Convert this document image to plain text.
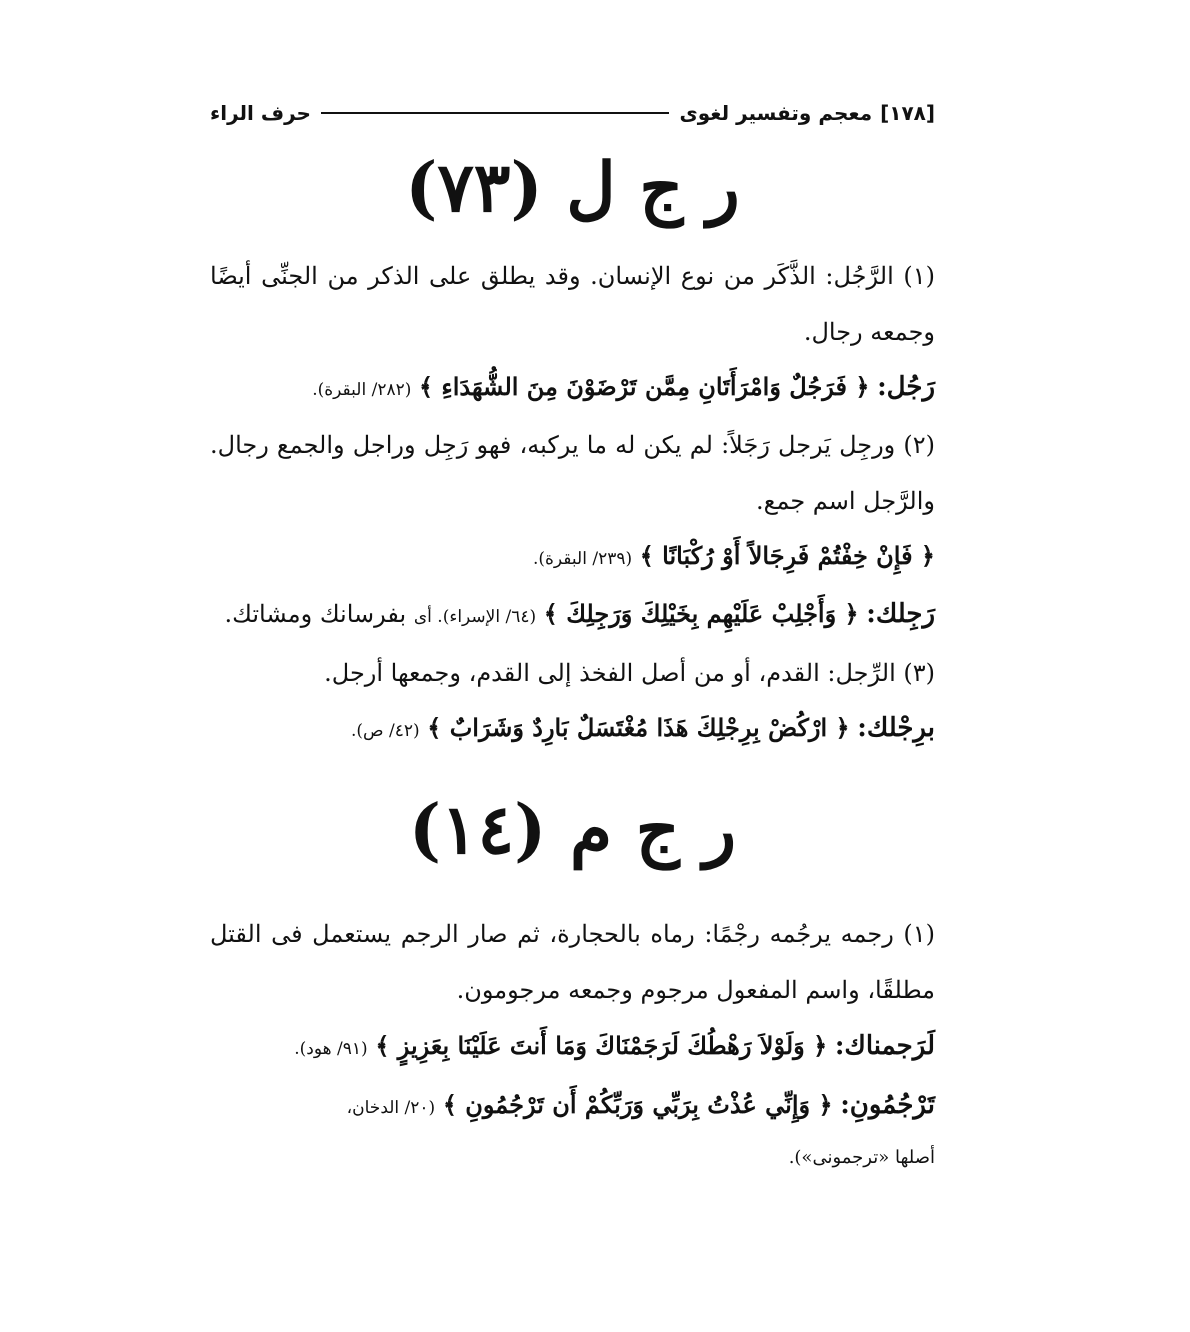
[١٧٨]
معجم وتفسير لغوى
حرف الراء
ر ج ل (٧٣)

(١) الرَّجُل: الذَّكَر من نوع الإنسان. وقد يطلق على الذكر من الجنِّى أيضًا وجمعه رجال.

رَجُل: ﴿ فَرَجُلٌ وَامْرَأَتَانِ مِمَّن تَرْضَوْنَ مِنَ الشُّهَدَاءِ ﴾ (٢٨٢/ البقرة).

(٢) ورجِل يَرجل رَجَلاً: لم يكن له ما يركبه، فهو رَجِل وراجل والجمع رجال. والرَّجل اسم جمع.

﴿ فَإِنْ خِفْتُمْ فَرِجَالاً أَوْ رُكْبَانًا ﴾ (٢٣٩/ البقرة).

رَجِلك: ﴿ وَأَجْلِبْ عَلَيْهِم بِخَيْلِكَ وَرَجِلِكَ ﴾ (٦٤/ الإسراء). أى بفرسانك ومشاتك.

(٣) الرِّجل: القدم، أو من أصل الفخذ إلى القدم، وجمعها أرجل.

برِجْلك: ﴿ ارْكُضْ بِرِجْلِكَ هَذَا مُغْتَسَلٌ بَارِدٌ وَشَرَابٌ ﴾ (٤٢/ ص).

ر ج م (١٤)

(١) رجمه يرجُمه رجْمًا: رماه بالحجارة، ثم صار الرجم يستعمل فى القتل مطلقًا، واسم المفعول مرجوم وجمعه مرجومون.

لَرَجمناك: ﴿ وَلَوْلاَ رَهْطُكَ لَرَجَمْنَاكَ وَمَا أَنتَ عَلَيْنَا بِعَزِيزٍ ﴾ (٩١/ هود).

تَرْجُمُونِ: ﴿ وَإِنِّي عُذْتُ بِرَبِّي وَرَبِّكُمْ أَن تَرْجُمُونِ ﴾ (٢٠/ الدخان،

أصلها «ترجمونى»).
